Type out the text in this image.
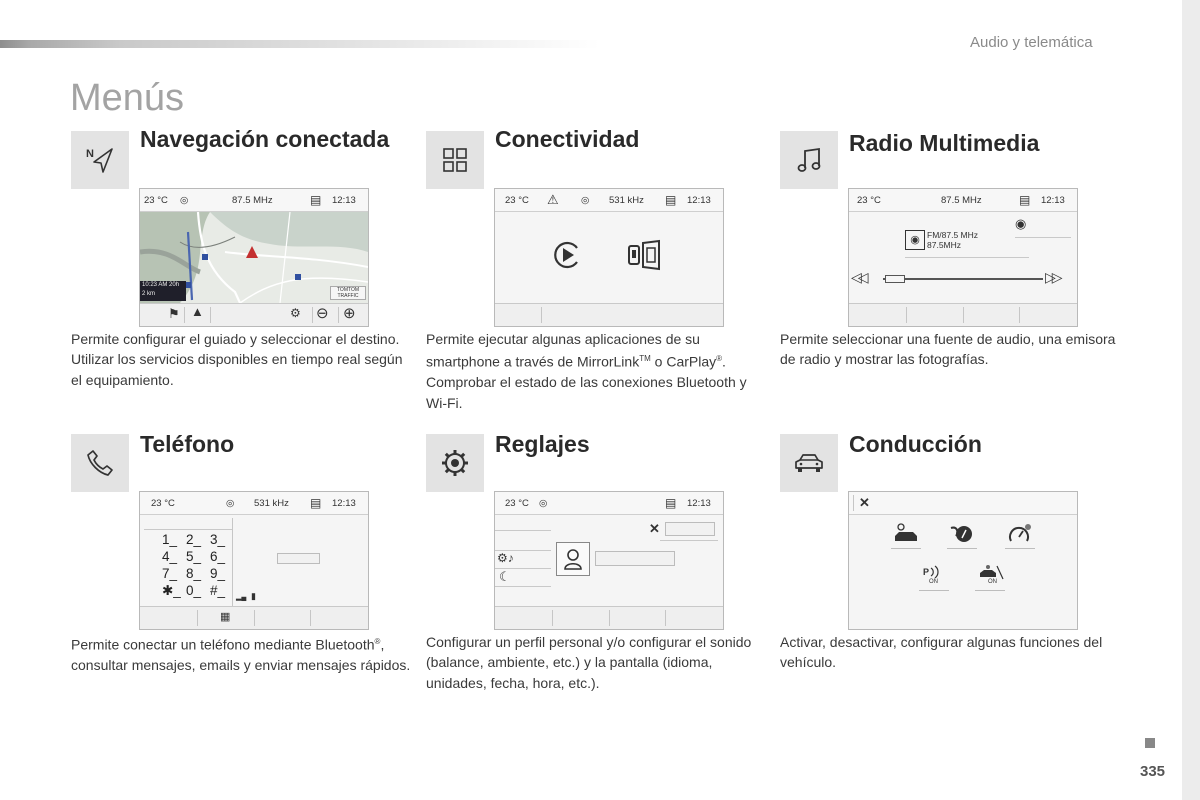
Audio y telemática
Menús
N
Navegación conectada
23 °C ◎	87.5 MHz	▤ 12:13
10:23 AM 20h
2 km
TOMTOM TRAFFIC
⚑ ▲	⚙ ⊖ ⊕
Permite configurar el guiado y seleccionar el destino.
Utilizar los servicios disponibles en tiempo real según el equipamiento.
Conectividad
23 °C ⚠ ◎ 531 kHz ▤ 12:13
Permite ejecutar algunas aplicaciones de su smartphone a través de MirrorLink™ o CarPlay®.
Comprobar el estado de las conexiones Bluetooth y Wi-Fi.
Radio Multimedia
23 °C	87.5 MHz	▤ 12:13
◉
◉ FM/87.5 MHz
87.5MHz
◁◁	▷▷
Permite seleccionar una fuente de audio, una emisora de radio y mostrar las fotografías.
Teléfono
23 °C	◎ 531 kHz ▤ 12:13
1_ 2_ 3_
4_ 5_ 6_
7_ 8_ 9_
✱_ 0_ #_	▂▄ ▮
▦
Permite conectar un teléfono mediante Bluetooth®, consultar mensajes, emails y enviar mensajes rápidos.
Reglajes
23 °C ◎	▤ 12:13
✕
⚙♪
☾
Configurar un perfil personal y/o configurar el sonido (balance, ambiente, etc.) y la pantalla (idioma, unidades, fecha, hora, etc.).
Conducción
✕
P
ON	ON
Activar, desactivar, configurar algunas funciones del vehículo.
335
